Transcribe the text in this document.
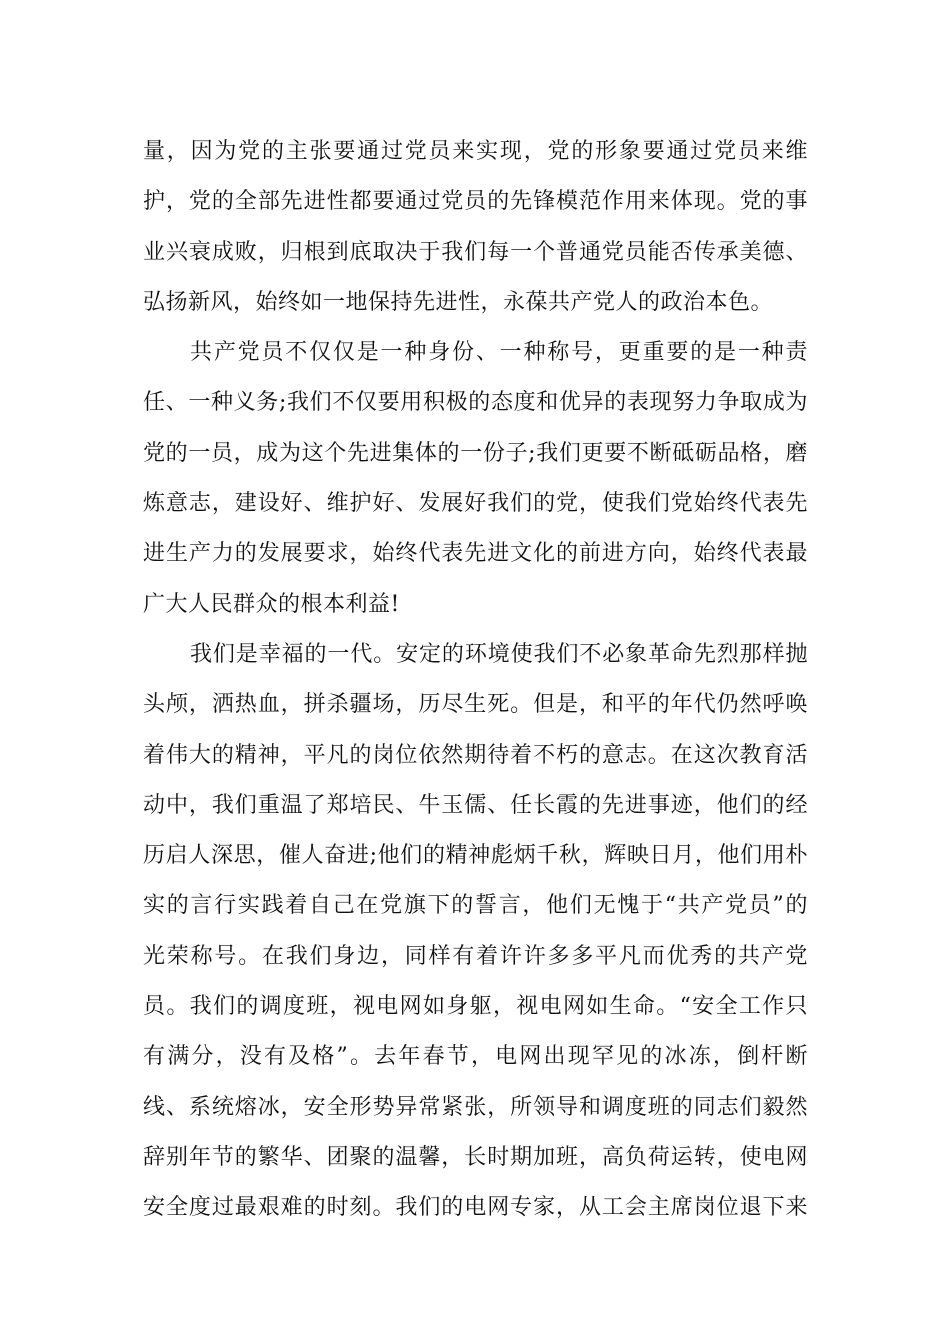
量，因为党的主张要通过党员来实现，党的形象要通过党员来维
护，党的全部先进性都要通过党员的先锋模范作用来体现。党的事
业兴衰成败，归根到底取决于我们每一个普通党员能否传承美德、
弘扬新风，始终如一地保持先进性，永葆共产党人的政治本色。
共产党员不仅仅是一种身份、一种称号，更重要的是一种责
任、一种义务;我们不仅要用积极的态度和优异的表现努力争取成为
党的一员，成为这个先进集体的一份子;我们更要不断砥砺品格，磨
炼意志，建设好、维护好、发展好我们的党，使我们党始终代表先
进生产力的发展要求，始终代表先进文化的前进方向，始终代表最
广大人民群众的根本利益!
我们是幸福的一代。安定的环境使我们不必象革命先烈那样抛
头颅，洒热血，拼杀疆场，历尽生死。但是，和平的年代仍然呼唤
着伟大的精神，平凡的岗位依然期待着不朽的意志。在这次教育活
动中，我们重温了郑培民、牛玉儒、任长霞的先进事迹，他们的经
历启人深思，催人奋进;他们的精神彪炳千秋，辉映日月，他们用朴
实的言行实践着自己在党旗下的誓言，他们无愧于“共产党员”的
光荣称号。在我们身边，同样有着许许多多平凡而优秀的共产党
员。我们的调度班，视电网如身躯，视电网如生命。“安全工作只
有满分，没有及格”。去年春节，电网出现罕见的冰冻，倒杆断
线、系统熔冰，安全形势异常紧张，所领导和调度班的同志们毅然
辞别年节的繁华、团聚的温馨，长时期加班，高负荷运转，使电网
安全度过最艰难的时刻。我们的电网专家，从工会主席岗位退下来
